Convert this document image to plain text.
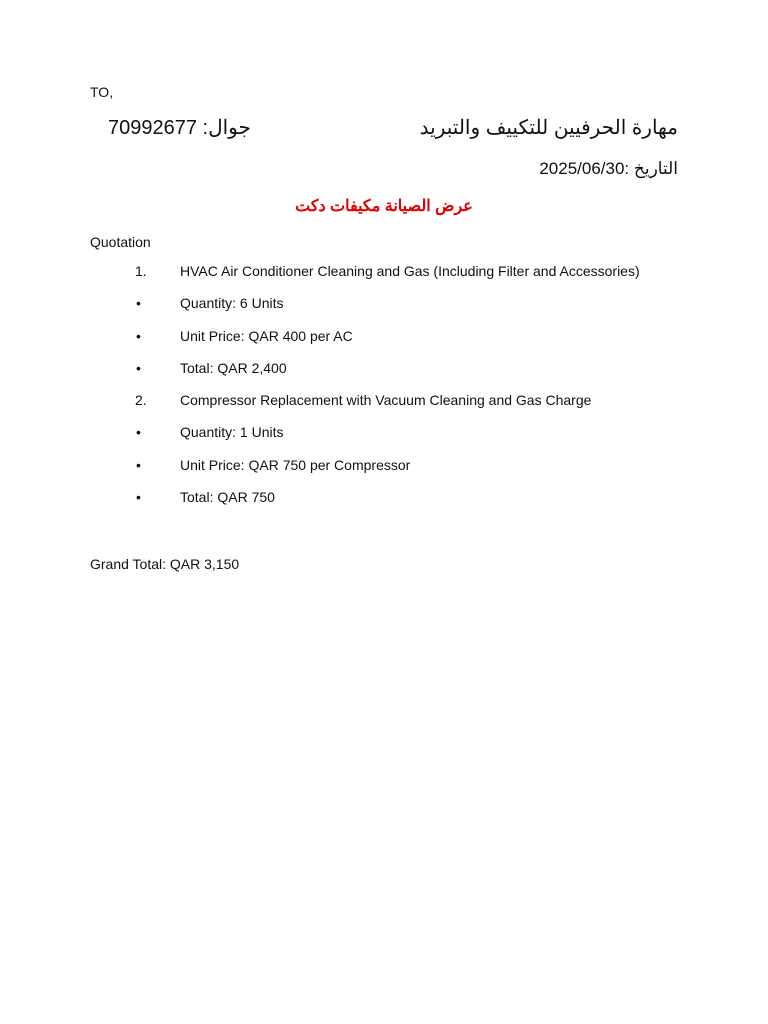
TO,
مهارة الحرفيين للتكييف والتبريد
جوال: 70992677
التاريخ :2025/06/30
عرض الصيانة مكيفات دكت
Quotation
1.	HVAC Air Conditioner Cleaning and Gas (Including Filter and Accessories)
•	Quantity: 6 Units
•	Unit Price: QAR 400 per AC
•	Total: QAR 2,400
2.	Compressor Replacement with Vacuum Cleaning and Gas Charge
•	Quantity: 1 Units
•	Unit Price: QAR 750 per Compressor
•	Total: QAR 750
Grand Total: QAR 3,150
